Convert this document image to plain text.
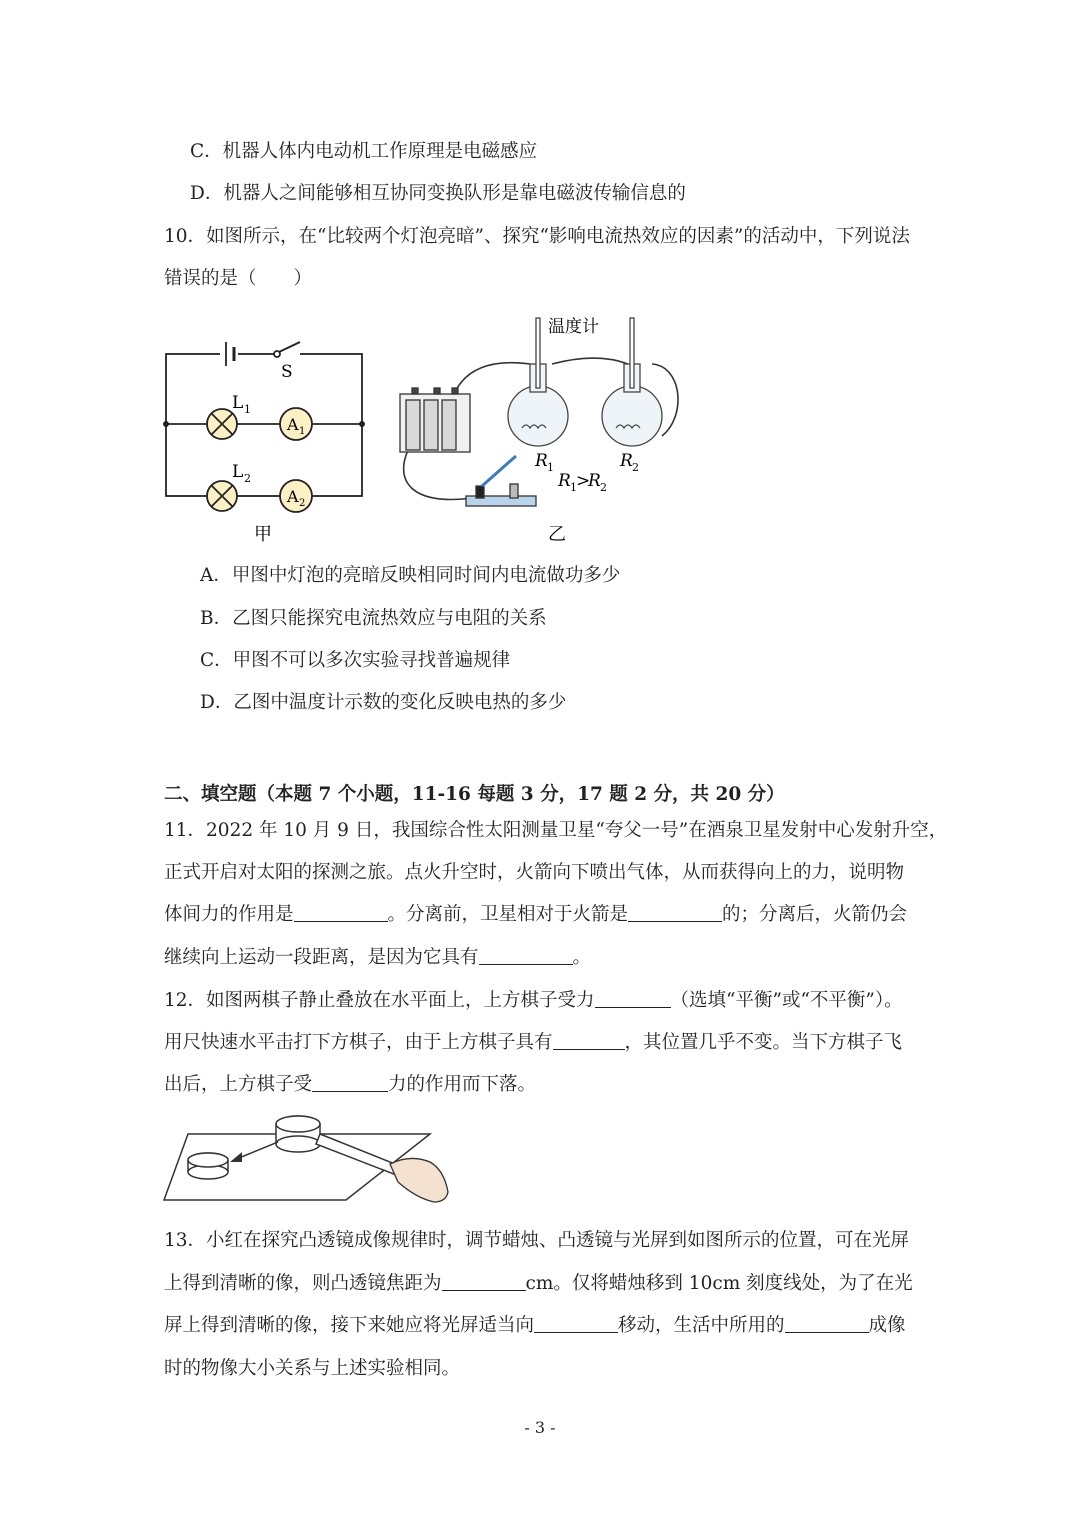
C．机器人体内电动机工作原理是电磁感应
D．机器人之间能够相互协同变换队形是靠电磁波传输信息的
10．如图所示，在“比较两个灯泡亮暗”、探究“影响电流热效应的因素”的活动中，下列说法
错误的是（　　）
S
L 1
L 2
A 1
A 2
甲
温度计
R 1	R 2
R 1 >
R 2
乙
A．甲图中灯泡的亮暗反映相同时间内电流做功多少
B．乙图只能探究电流热效应与电阻的关系
C．甲图不可以多次实验寻找普遍规律
D．乙图中温度计示数的变化反映电热的多少
二、填空题（本题 7 个小题，11-16 每题 3 分，17 题 2 分，共 20 分）
11．2022 年 10 月 9 日，我国综合性太阳测量卫星“夸父一号”在酒泉卫星发射中心发射升空，
正式开启对太阳的探测之旅。点火升空时，火箭向下喷出气体，从而获得向上的力，说明物
体间力的作用是	。分离前，卫星相对于火箭是	的；分离后，火箭仍会
继续向上运动一段距离，是因为它具有	。
12．如图两棋子静止叠放在水平面上，上方棋子受力	（选填“平衡”或“不平衡”）。
用尺快速水平击打下方棋子，由于上方棋子具有	，其位置几乎不变。当下方棋子飞
出后，上方棋子受	力的作用而下落。
13．小红在探究凸透镜成像规律时，调节蜡烛、凸透镜与光屏到如图所示的位置，可在光屏
上得到清晰的像，则凸透镜焦距为	cm。仅将蜡烛移到 10cm 刻度线处，为了在光
屏上得到清晰的像，接下来她应将光屏适当向	移动，生活中所用的	成像
时的物像大小关系与上述实验相同。
- 3 -
